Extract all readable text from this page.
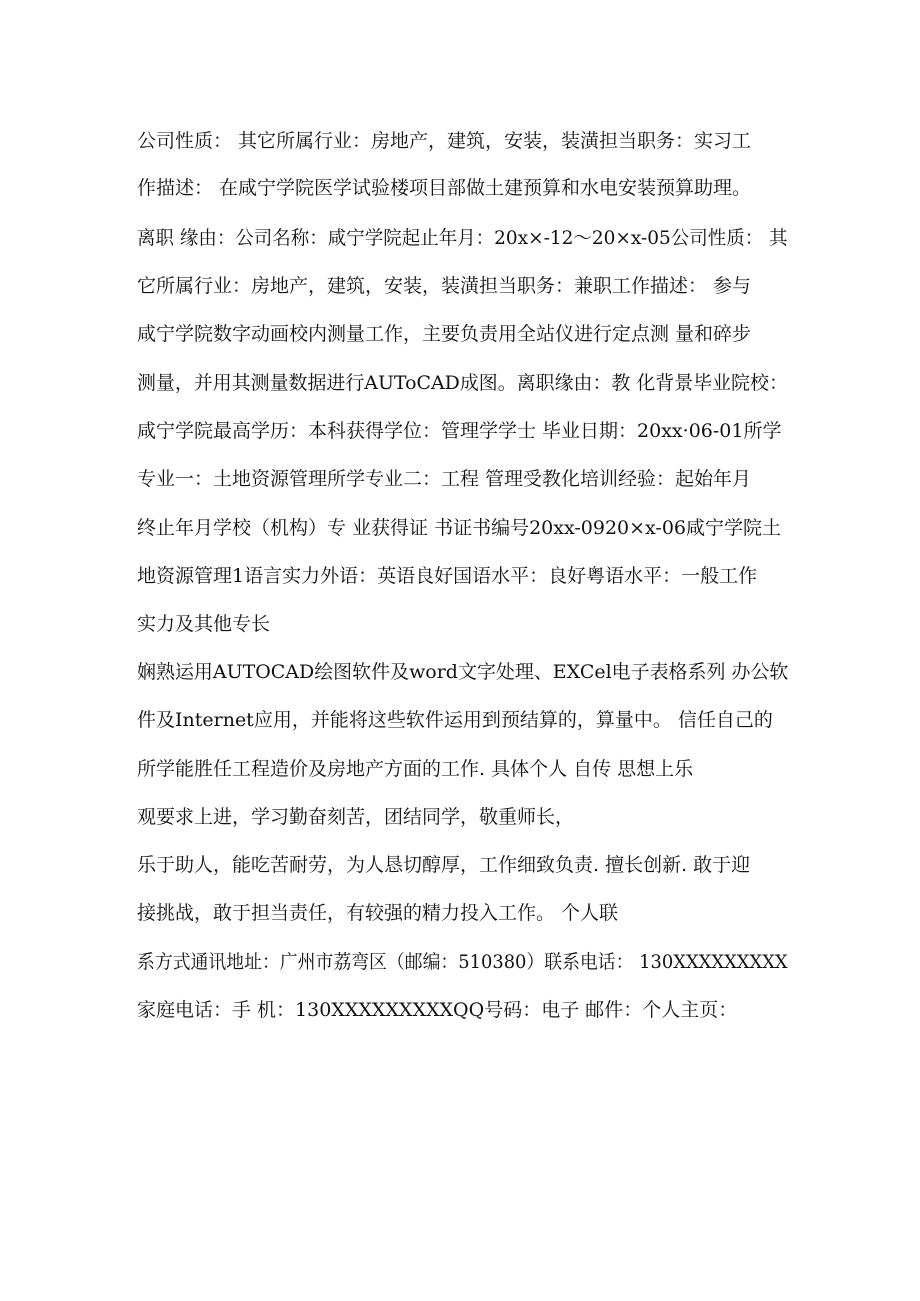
公司性质： 其它所属行业：房地产，建筑，安装，装潢担当职务：实习工
作描述： 在咸宁学院医学试验楼项目部做土建预算和水电安装预算助理。
离职 缘由：公司名称：咸宁学院起止年月：20x×-12～20×x-05公司性质： 其
它所属行业：房地产，建筑，安装，装潢担当职务：兼职工作描述： 参与
咸宁学院数字动画校内测量工作，主要负责用全站仪进行定点测 量和碎步
测量，并用其测量数据进行AUToCAD成图。离职缘由：教 化背景毕业院校：
咸宁学院最高学历：本科获得学位：管理学学士 毕业日期：20xx·06-01所学
专业一：土地资源管理所学专业二：工程 管理受教化培训经验：起始年月
终止年月学校（机构）专 业获得证 书证书编号20xx-0920×x-06咸宁学院土
地资源管理1语言实力外语：英语良好国语水平：良好粤语水平：一般工作
实力及其他专长
娴熟运用AUTOCAD绘图软件及word文字处理、EXCel电子表格系列 办公软
件及Internet应用，并能将这些软件运用到预结算的，算量中。 信任自己的
所学能胜任工程造价及房地产方面的工作. 具体个人 自传 思想上乐
观要求上进，学习勤奋刻苦，团结同学，敬重师长，
乐于助人，能吃苦耐劳，为人恳切醇厚，工作细致负责. 擅长创新. 敢于迎
接挑战，敢于担当责任，有较强的精力投入工作。 个人联
系方式通讯地址：广州市荔弯区（邮编：510380）联系电话： 130XXXXXXXXX
家庭电话：手 机：130XXXXXXXXXQQ号码：电子 邮件：个人主页：
